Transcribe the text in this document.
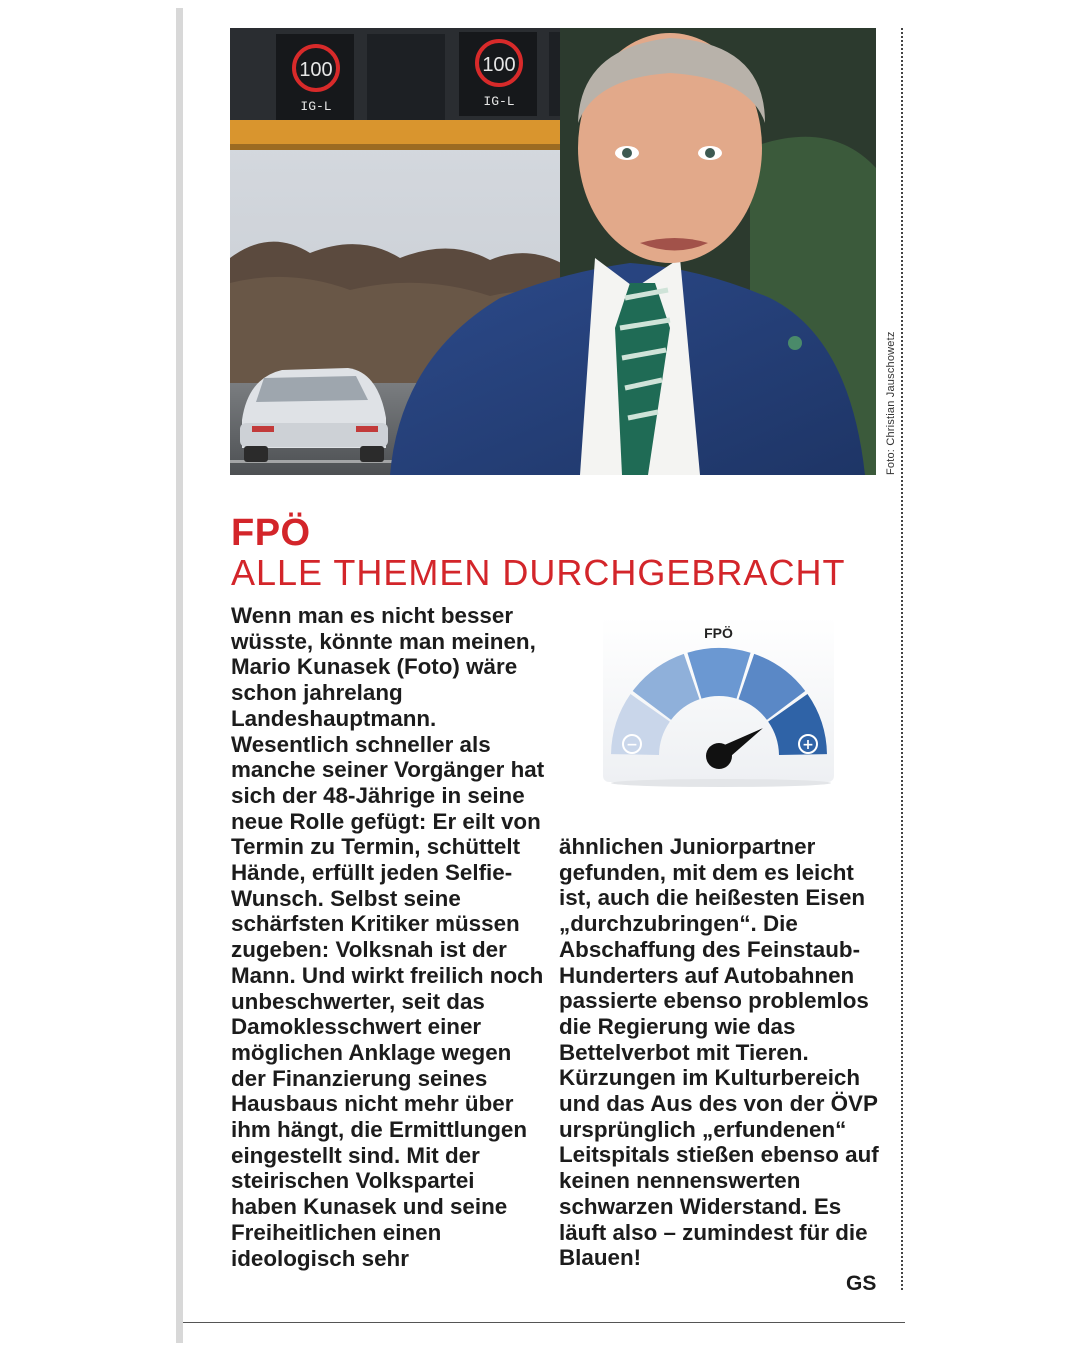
100
IG-L
100
IG-L
Foto: Christian Jauschowetz
FPÖ
ALLE THEMEN DURCHGEBRACHT

Wenn man es nicht besser wüsste, könnte man meinen, Mario Kunasek (Foto) wäre schon jahrelang Landeshauptmann. Wesentlich schneller als manche seiner Vorgänger hat sich der 48-Jährige in seine neue Rolle gefügt: Er eilt von Termin zu Termin, schüttelt Hände, erfüllt jeden Selfie-Wunsch. Selbst seine schärfsten Kritiker müssen zugeben: Volksnah ist der Mann. Und wirkt freilich noch unbeschwerter, seit das Damoklesschwert einer möglichen Anklage wegen der Finanzierung seines Hausbaus nicht mehr über ihm hängt, die Ermittlungen eingestellt sind. Mit der steirischen Volkspartei haben Kunasek und seine Freiheitlichen einen ideologisch sehr

ähnlichen Juniorpartner gefunden, mit dem es leicht ist, auch die heißesten Eisen „durchzubringen“. Die Abschaffung des Feinstaub-Hunderters auf Autobahnen passierte ebenso problemlos die Regierung wie das Bettelverbot mit Tieren. Kürzungen im Kulturbereich und das Aus des von der ÖVP ursprünglich „erfundenen“ Leitspitals stießen ebenso auf keinen nennenswerten schwarzen Widerstand. Es läuft also – zumindest für die Blauen!

GS
−	+
FPÖ
